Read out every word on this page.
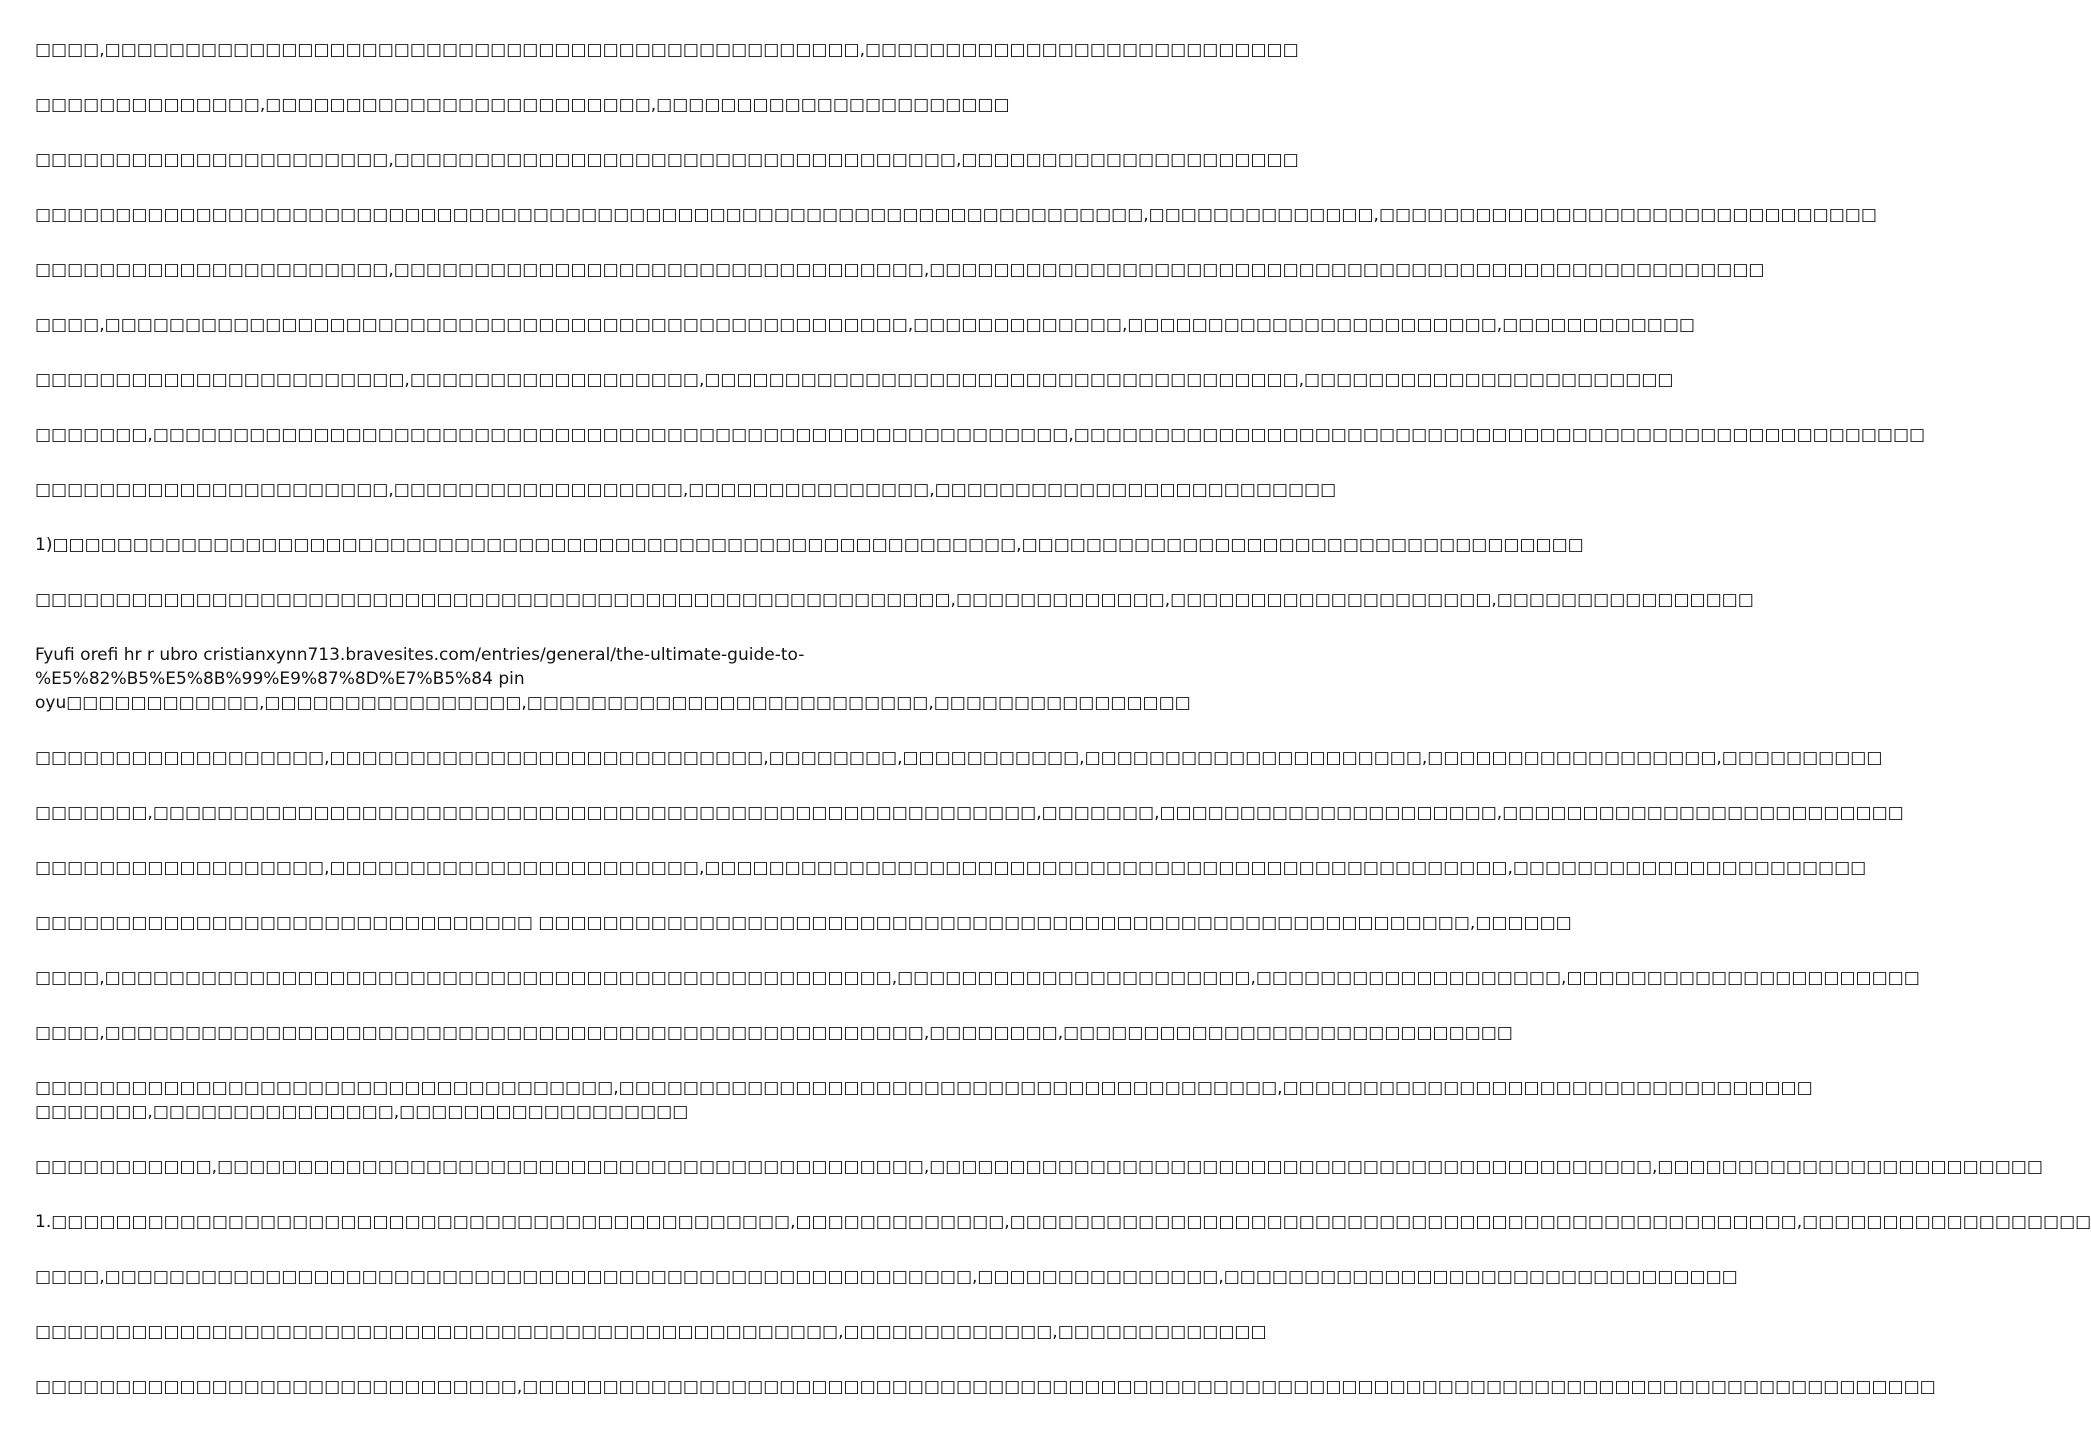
□□□□,□□□□□□□□□□□□□□□□□□□□□□□□□□□□□□□□□□□□□□□□□□□□□□□,□□□□□□□□□□□□□□□□□□□□□□□□□□□

□□□□□□□□□□□□□□,□□□□□□□□□□□□□□□□□□□□□□□□,□□□□□□□□□□□□□□□□□□□□□□

□□□□□□□□□□□□□□□□□□□□□□,□□□□□□□□□□□□□□□□□□□□□□□□□□□□□□□□□□□,□□□□□□□□□□□□□□□□□□□□□

□□□□□□□□□□□□□□□□□□□□□□□□□□□□□□□□□□□□□□□□□□□□□□□□□□□□□□□□□□□□□□□□□□□□□,□□□□□□□□□□□□□□,□□□□□□□□□□□□□□□□□□□□□□□□□□□□□□□

□□□□□□□□□□□□□□□□□□□□□□,□□□□□□□□□□□□□□□□□□□□□□□□□□□□□□□□□,□□□□□□□□□□□□□□□□□□□□□□□□□□□□□□□□□□□□□□□□□□□□□□□□□□□□

□□□□,□□□□□□□□□□□□□□□□□□□□□□□□□□□□□□□□□□□□□□□□□□□□□□□□□□,□□□□□□□□□□□□□,□□□□□□□□□□□□□□□□□□□□□□□,□□□□□□□□□□□□

□□□□□□□□□□□□□□□□□□□□□□□,□□□□□□□□□□□□□□□□□□,□□□□□□□□□□□□□□□□□□□□□□□□□□□□□□□□□□□□□,□□□□□□□□□□□□□□□□□□□□□□□

□□□□□□□,□□□□□□□□□□□□□□□□□□□□□□□□□□□□□□□□□□□□□□□□□□□□□□□□□□□□□□□□□,□□□□□□□□□□□□□□□□□□□□□□□□□□□□□□□□□□□□□□□□□□□□□□□□□□□□□

□□□□□□□□□□□□□□□□□□□□□□,□□□□□□□□□□□□□□□□□□,□□□□□□□□□□□□□□□,□□□□□□□□□□□□□□□□□□□□□□□□□

1)□□□□□□□□□□□□□□□□□□□□□□□□□□□□□□□□□□□□□□□□□□□□□□□□□□□□□□□□□□□□,□□□□□□□□□□□□□□□□□□□□□□□□□□□□□□□□□□□

□□□□□□□□□□□□□□□□□□□□□□□□□□□□□□□□□□□□□□□□□□□□□□□□□□□□□□□□□,□□□□□□□□□□□□□,□□□□□□□□□□□□□□□□□□□□,□□□□□□□□□□□□□□□□

Fyufi orefi hr r ubro cristianxynn713.bravesites.com/entries/general/the-ultimate-guide-to-
%E5%82%B5%E5%8B%99%E9%87%8D%E7%B5%84 pin
oyu□□□□□□□□□□□□,□□□□□□□□□□□□□□□□,□□□□□□□□□□□□□□□□□□□□□□□□□,□□□□□□□□□□□□□□□□

□□□□□□□□□□□□□□□□□□,□□□□□□□□□□□□□□□□□□□□□□□□□□□,□□□□□□□□,□□□□□□□□□□□,□□□□□□□□□□□□□□□□□□□□□,□□□□□□□□□□□□□□□□□□,□□□□□□□□□□

□□□□□□□,□□□□□□□□□□□□□□□□□□□□□□□□□□□□□□□□□□□□□□□□□□□□□□□□□□□□□□□,□□□□□□□,□□□□□□□□□□□□□□□□□□□□□,□□□□□□□□□□□□□□□□□□□□□□□□□

□□□□□□□□□□□□□□□□□□,□□□□□□□□□□□□□□□□□□□□□□□,□□□□□□□□□□□□□□□□□□□□□□□□□□□□□□□□□□□□□□□□□□□□□□□□□□,□□□□□□□□□□□□□□□□□□□□□□

□□□□□□□□□□□□□□□□□□□□□□□□□□□□□□□ □□□□□□□□□□□□□□□□□□□□□□□□□□□□□□□□□□□□□□□□□□□□□□□□□□□□□□□□□□,□□□□□□

□□□□,□□□□□□□□□□□□□□□□□□□□□□□□□□□□□□□□□□□□□□□□□□□□□□□□□,□□□□□□□□□□□□□□□□□□□□□□,□□□□□□□□□□□□□□□□□□□,□□□□□□□□□□□□□□□□□□□□□□

□□□□,□□□□□□□□□□□□□□□□□□□□□□□□□□□□□□□□□□□□□□□□□□□□□□□□□□□,□□□□□□□□,□□□□□□□□□□□□□□□□□□□□□□□□□□□□

□□□□□□□□□□□□□□□□□□□□□□□□□□□□□□□□□□□□,□□□□□□□□□□□□□□□□□□□□□□□□□□□□□□□□□□□□□□□□□,□□□□□□□□□□□□□□□□□□□□□□□□□□□□□□□□□
□□□□□□□,□□□□□□□□□□□□□□□,□□□□□□□□□□□□□□□□□□

□□□□□□□□□□□,□□□□□□□□□□□□□□□□□□□□□□□□□□□□□□□□□□□□□□□□□□□□,□□□□□□□□□□□□□□□□□□□□□□□□□□□□□□□□□□□□□□□□□□□□□,□□□□□□□□□□□□□□□□□□□□□□□□

1.□□□□□□□□□□□□□□□□□□□□□□□□□□□□□□□□□□□□□□□□□□□□□□,□□□□□□□□□□□□□,□□□□□□□□□□□□□□□□□□□□□□□□□□□□□□□□□□□□□□□□□□□□□□□□□,□□□□□□□□□□□□□□□□□□

□□□□,□□□□□□□□□□□□□□□□□□□□□□□□□□□□□□□□□□□□□□□□□□□□□□□□□□□□□□,□□□□□□□□□□□□□□□,□□□□□□□□□□□□□□□□□□□□□□□□□□□□□□□□

□□□□□□□□□□□□□□□□□□□□□□□□□□□□□□□□□□□□□□□□□□□□□□□□□□,□□□□□□□□□□□□□,□□□□□□□□□□□□□

□□□□□□□□□□□□□□□□□□□□□□□□□□□□□□,□□□□□□□□□□□□□□□□□□□□□□□□□□□□□□□□□□□□□□□□□□□□□□□□□□□□□□□□□□□□□□□□□□□□□□□□□□□□□□□□□□□□□□□□
